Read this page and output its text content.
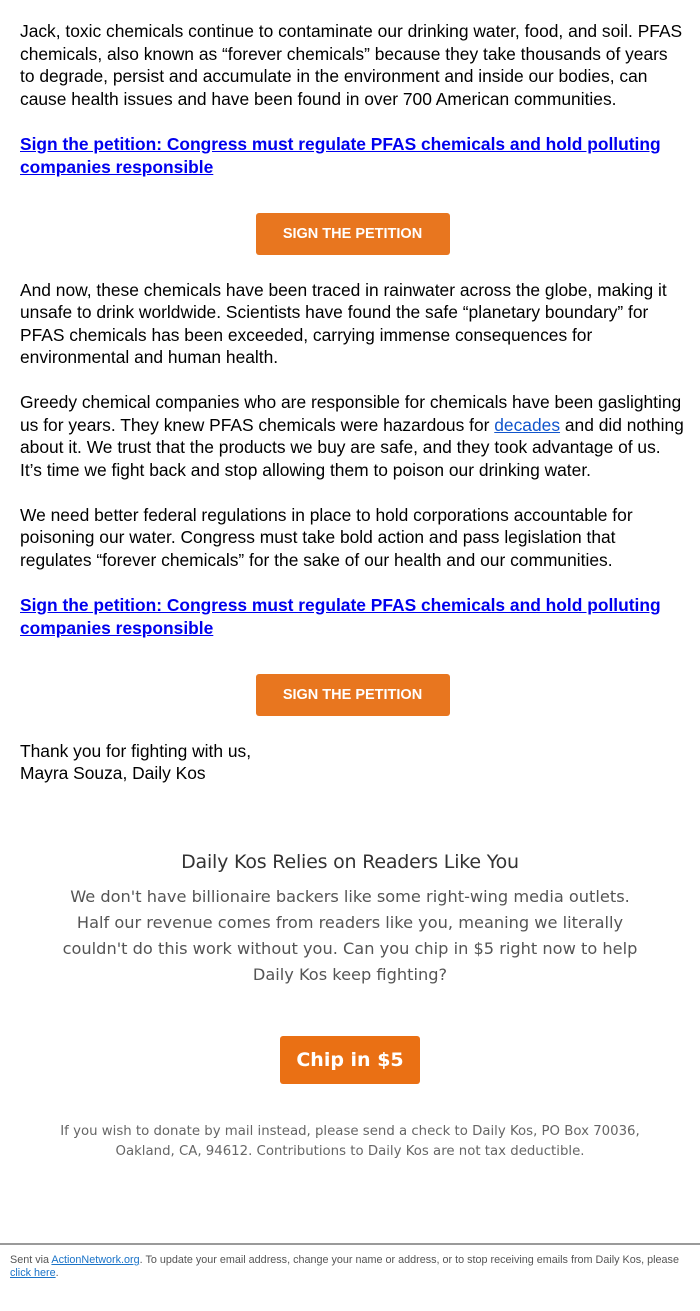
Jack, toxic chemicals continue to contaminate our drinking water, food, and soil. PFAS chemicals, also known as “forever chemicals” because they take thousands of years to degrade, persist and accumulate in the environment and inside our bodies, can cause health issues and have been found in over 700 American communities.

Sign the petition: Congress must regulate PFAS chemicals and hold polluting companies responsible
SIGN THE PETITION

And now, these chemicals have been traced in rainwater across the globe, making it unsafe to drink worldwide. Scientists have found the safe “planetary boundary” for PFAS chemicals has been exceeded, carrying immense consequences for environmental and human health.

Greedy chemical companies who are responsible for chemicals have been gaslighting us for years. They knew PFAS chemicals were hazardous for decades and did nothing about it. We trust that the products we buy are safe, and they took advantage of us. It’s time we fight back and stop allowing them to poison our drinking water.

We need better federal regulations in place to hold corporations accountable for poisoning our water. Congress must take bold action and pass legislation that regulates “forever chemicals” for the sake of our health and our communities.

Sign the petition: Congress must regulate PFAS chemicals and hold polluting companies responsible
SIGN THE PETITION

Thank you for fighting with us,

Mayra Souza, Daily Kos

Daily Kos Relies on Readers Like You

We don't have billionaire backers like some right-wing media outlets. Half our revenue comes from readers like you, meaning we literally couldn't do this work without you. Can you chip in $5 right now to help Daily Kos keep fighting?

Chip in $5

If you wish to donate by mail instead, please send a check to Daily Kos, PO Box 70036, Oakland, CA, 94612. Contributions to Daily Kos are not tax deductible.

Sent via ActionNetwork.org. To update your email address, change your name or address, or to stop receiving emails from Daily Kos, please click here.
